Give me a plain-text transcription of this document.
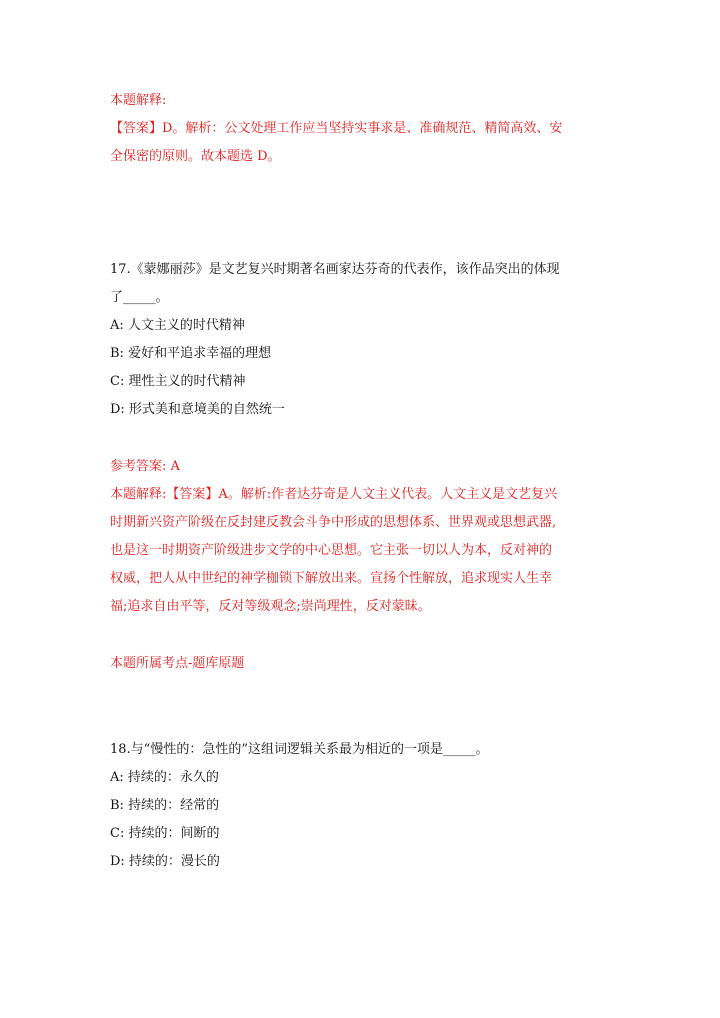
本题解释:
【答案】D。解析：公文处理工作应当坚持实事求是、准确规范、精简高效、安
全保密的原则。故本题选 D。
17.《蒙娜丽莎》是文艺复兴时期著名画家达芬奇的代表作，该作品突出的体现
了_____。
A: 人文主义的时代精神
B: 爱好和平追求幸福的理想
C: 理性主义的时代精神
D: 形式美和意境美的自然统一
参考答案: A
本题解释:【答案】A。解析:作者达芬奇是人文主义代表。人文主义是文艺复兴
时期新兴资产阶级在反封建反教会斗争中形成的思想体系、世界观或思想武器,
也是这一时期资产阶级进步文学的中心思想。它主张一切以人为本，反对神的
权威，把人从中世纪的神学枷锁下解放出来。宣扬个性解放，追求现实人生幸
福;追求自由平等，反对等级观念;崇尚理性，反对蒙昧。
本题所属考点-题库原题
18.与“慢性的：急性的”这组词逻辑关系最为相近的一项是_____。
A: 持续的：永久的
B: 持续的：经常的
C: 持续的：间断的
D: 持续的：漫长的
